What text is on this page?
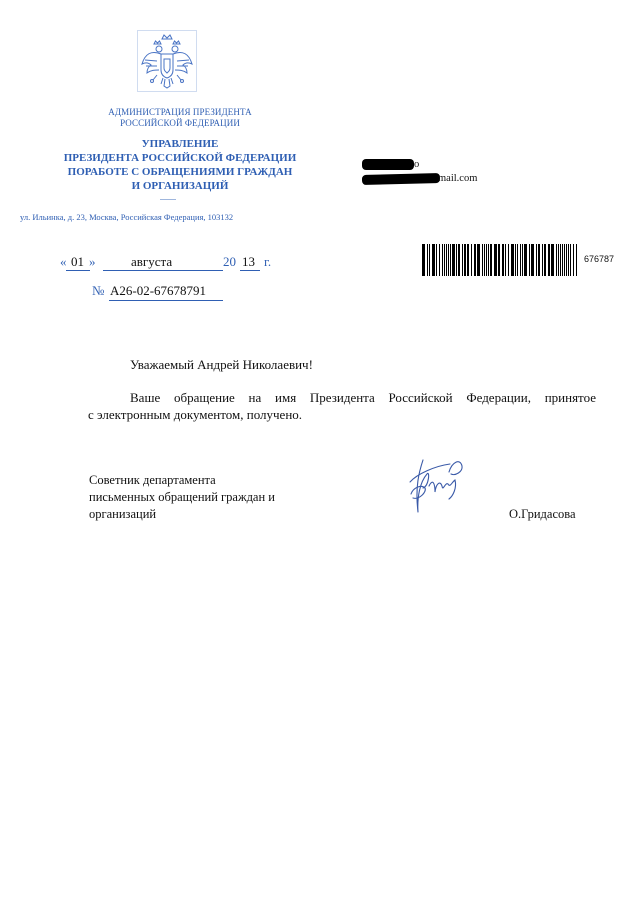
АДМИНИСТРАЦИЯ ПРЕЗИДЕНТА
РОССИЙСКОЙ ФЕДЕРАЦИИ
УПРАВЛЕНИЕ
ПРЕЗИДЕНТА РОССИЙСКОЙ ФЕДЕРАЦИИ
ПОРАБОТЕ С ОБРАЩЕНИЯМИ ГРАЖДАН
И ОРГАНИЗАЦИЙ
ул. Ильинка, д. 23, Москва, Российская Федерация, 103132
о
mail.com
« 01 »	августа	20 13 г.
№ А26-02-67678791
676787
Уважаемый Андрей Николаевич!
Ваше обращение на имя Президента Российской Федерации, принятое
с электронным документом, получено.
Советник департамента
письменных обращений граждан и
организаций	О.Гридасова
